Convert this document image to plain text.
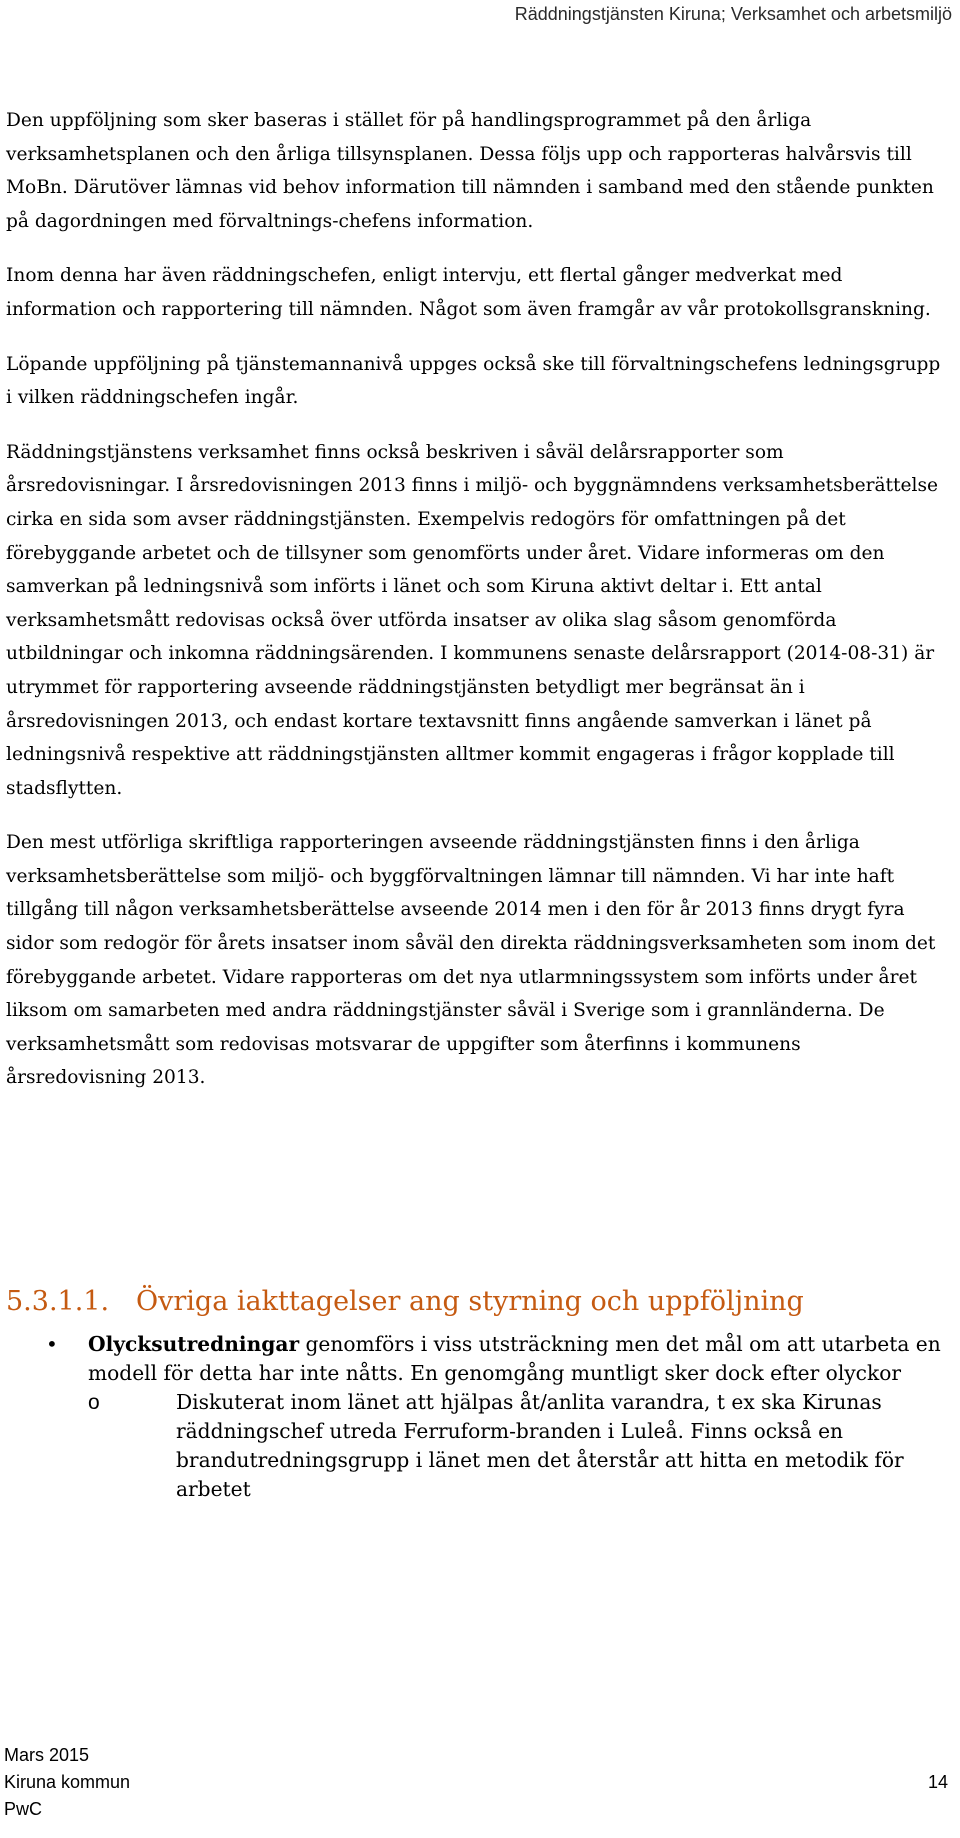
Räddningstjänsten Kiruna; Verksamhet och arbetsmiljö

Den uppföljning som sker baseras i stället för på handlingsprogrammet på den årliga verksamhetsplanen och den årliga tillsynsplanen. Dessa följs upp och rapporteras halvårsvis till MoBn. Därutöver lämnas vid behov information till nämnden i samband med den stående punkten på dagordningen med förvaltnings-chefens information.

Inom denna har även räddningschefen, enligt intervju, ett flertal gånger medverkat med information och rapportering till nämnden. Något som även framgår av vår protokollsgranskning.

Löpande uppföljning på tjänstemannanivå uppges också ske till förvaltningschefens ledningsgrupp i vilken räddningschefen ingår.

Räddningstjänstens verksamhet finns också beskriven i såväl delårsrapporter som årsredovisningar. I årsredovisningen 2013 finns i miljö- och byggnämndens verksamhetsberättelse cirka en sida som avser räddningstjänsten. Exempelvis redogörs för omfattningen på det förebyggande arbetet och de tillsyner som genomförts under året. Vidare informeras om den samverkan på ledningsnivå som införts i länet och som Kiruna aktivt deltar i. Ett antal verksamhetsmått redovisas också över utförda insatser av olika slag såsom genomförda utbildningar och inkomna räddningsärenden. I kommunens senaste delårsrapport (2014-08-31) är utrymmet för rapportering avseende räddningstjänsten betydligt mer begränsat än i årsredovisningen 2013, och endast kortare textavsnitt finns angående samverkan i länet på ledningsnivå respektive att räddningstjänsten alltmer kommit engageras i frågor kopplade till stadsflytten.

Den mest utförliga skriftliga rapporteringen avseende räddningstjänsten finns i den årliga verksamhetsberättelse som miljö- och byggförvaltningen lämnar till nämnden. Vi har inte haft tillgång till någon verksamhetsberättelse avseende 2014 men i den för år 2013 finns drygt fyra sidor som redogör för årets insatser inom såväl den direkta räddningsverksamheten som inom det förebyggande arbetet. Vidare rapporteras om det nya utlarmningssystem som införts under året liksom om samarbeten med andra räddningstjänster såväl i Sverige som i grannländerna. De verksamhetsmått som redovisas motsvarar de uppgifter som återfinns i kommunens årsredovisning 2013.

5.3.1.1. Övriga iakttagelser ang styrning och uppföljning
•	Olycksutredningar genomförs i viss utsträckning men det mål om att utarbeta en modell för detta har inte nåtts. En genomgång muntligt sker dock efter olyckor
o	Diskuterat inom länet att hjälpas åt/anlita varandra, t ex ska Kirunas räddningschef utreda Ferruform-branden i Luleå. Finns också en brandutredningsgrupp i länet men det återstår att hitta en metodik för arbetet
Mars 2015
Kiruna kommun
PwC
14
